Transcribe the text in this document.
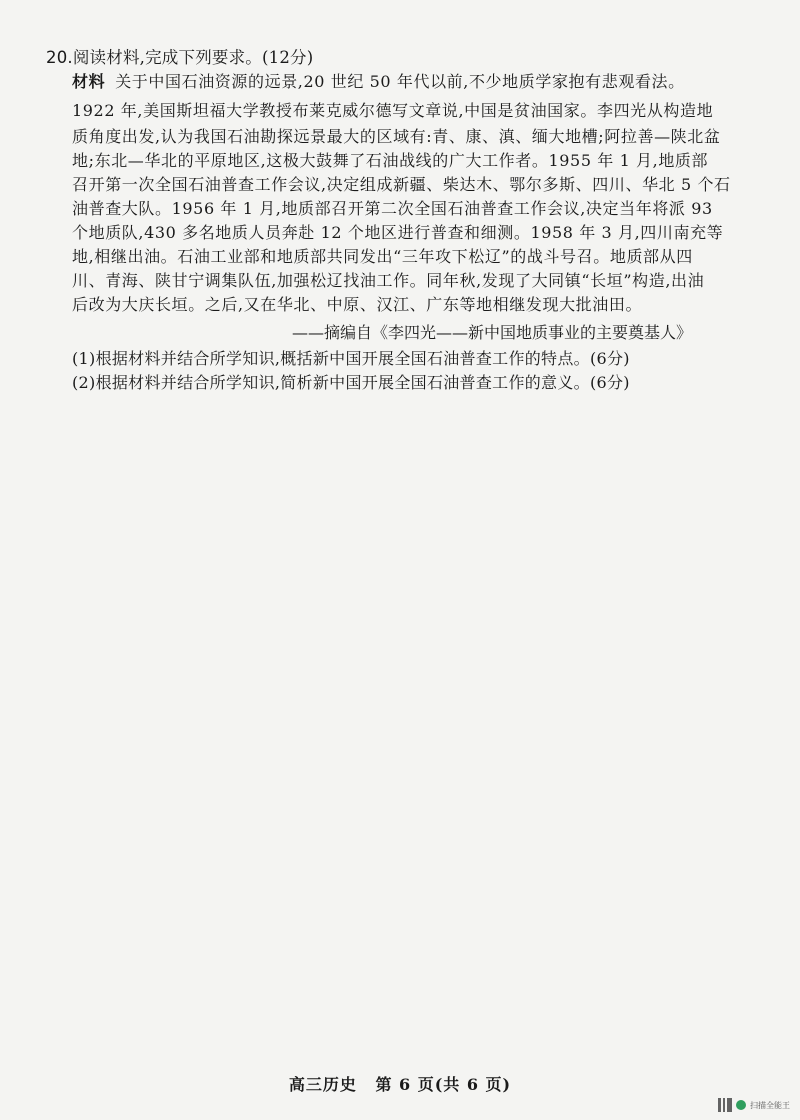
20.阅读材料,完成下列要求。(12分)
材料 关于中国石油资源的远景,20 世纪 50 年代以前,不少地质学家抱有悲观看法。
1922 年,美国斯坦福大学教授布莱克威尔德写文章说,中国是贫油国家。李四光从构造地
质角度出发,认为我国石油勘探远景最大的区域有:青、康、滇、缅大地槽;阿拉善—陕北盆
地;东北—华北的平原地区,这极大鼓舞了石油战线的广大工作者。1955 年 1 月,地质部
召开第一次全国石油普查工作会议,决定组成新疆、柴达木、鄂尔多斯、四川、华北 5 个石
油普查大队。1956 年 1 月,地质部召开第二次全国石油普查工作会议,决定当年将派 93
个地质队,430 多名地质人员奔赴 12 个地区进行普查和细测。1958 年 3 月,四川南充等
地,相继出油。石油工业部和地质部共同发出“三年攻下松辽”的战斗号召。地质部从四
川、青海、陕甘宁调集队伍,加强松辽找油工作。同年秋,发现了大同镇“长垣”构造,出油
后改为大庆长垣。之后,又在华北、中原、汉江、广东等地相继发现大批油田。
——摘编自《李四光——新中国地质事业的主要奠基人》
(1)根据材料并结合所学知识,概括新中国开展全国石油普查工作的特点。(6分)
(2)根据材料并结合所学知识,简析新中国开展全国石油普查工作的意义。(6分)
高三历史 第 6 页(共 6 页)
扫描全能王
